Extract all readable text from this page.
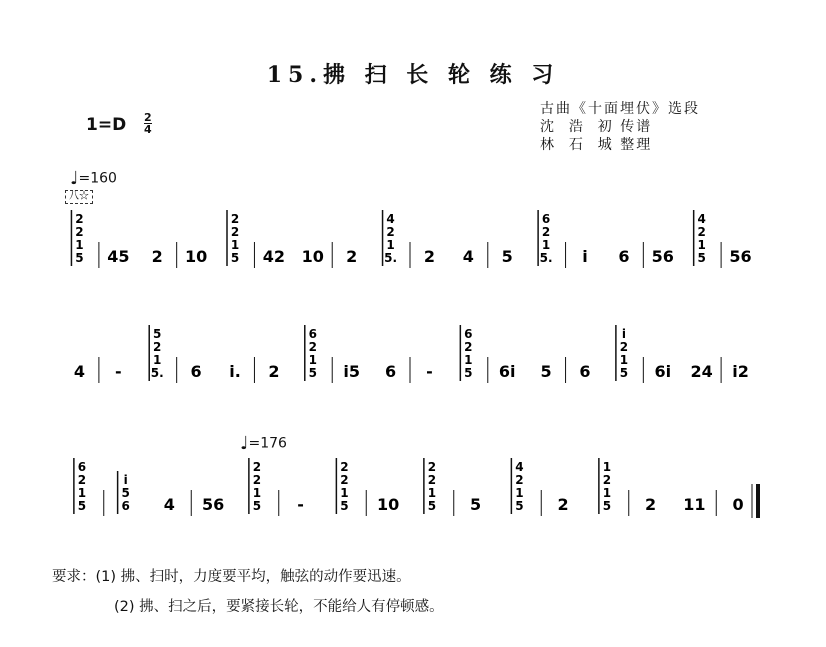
15.拂 扫 长 轮 练 习
1=D 2
4
古曲《十面埋伏》选段
沈  浩  初 传谱
林  石  城 整理
♩=160
八☆
♩=176
2
2
1
5 45 2 10
2
2
1
5 42 10 2
4
2
1
5. 2 4 5
6
2
1
5. i 6 56
4
2
1
5 56
4 -
5
2
1
5. 6 i. 2
6
2
1
5 i5 6 -
6
2
1
5 6i 5 6
i
2
1
5 6i 24 i2
6
2
1
5
i
5
6 4 56
2
2
1
5 -
2
2
1
5 10
2
2
1
5 5
4
2
1
5 2
1
2
1
5 2 11 0
要求：(1) 拂、扫时，力度要平均，触弦的动作要迅速。
(2) 拂、扫之后，要紧接长轮，不能给人有停顿感。
